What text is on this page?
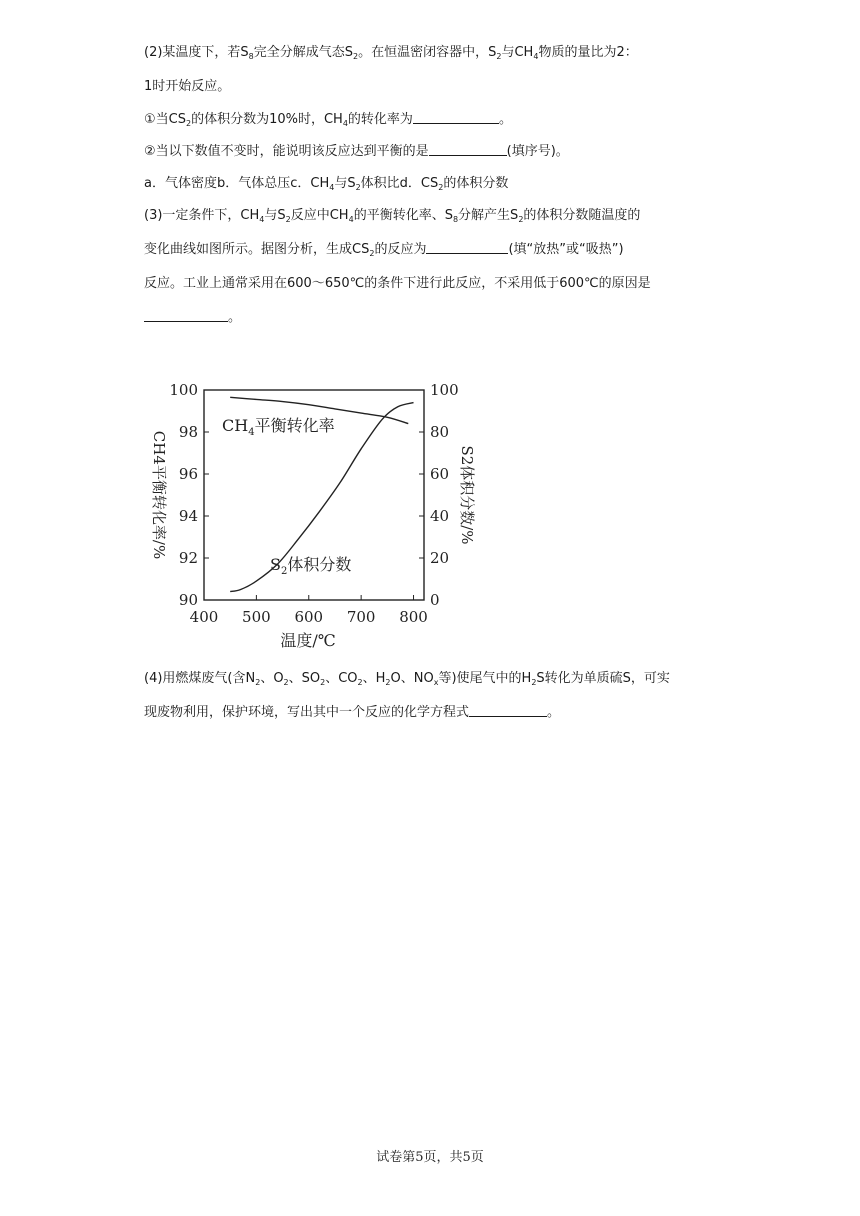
(2)某温度下，若$S_8$完全分解成气态$S_2$。在恒温密闭容器中，$S_2$与$CH_4$物质的量比为2：
1时开始反应。
①当$CS_2$的体积分数为10%时，$CH_4$的转化率为	。
②当以下数值不变时，能说明该反应达到平衡的是	(填序号)。
a．气体密度b．气体总压c．$CH_4$与$S_2$体积比d．$CS_2$的体积分数
(3)一定条件下，$CH_4$与$S_2$反应中$CH_4$的平衡转化率、$S_8$分解产生$S_2$的体积分数随温度的
变化曲线如图所示。据图分析，生成$CS_2$的反应为	(填“放热”或“吸热”)
反应。工业上通常采用在600～650℃的条件下进行此反应，不采用低于600℃的原因是
。
400 500 600 700 800
90
92
94
96
98
100
0
20
40
60
80
100
$CH_4$平衡转化率
$S_2$体积分数
温度/℃
CH4平衡转化率/%	S2体积分数/%
(4)用燃煤废气(含$N_2$、$O_2$、$SO_2$、$CO_2$、$H_2O$、$NO_x$等)使尾气中的$H_2S$转化为单质硫S，可实
现废物利用，保护环境，写出其中一个反应的化学方程式	。
试卷第5页，共5页
